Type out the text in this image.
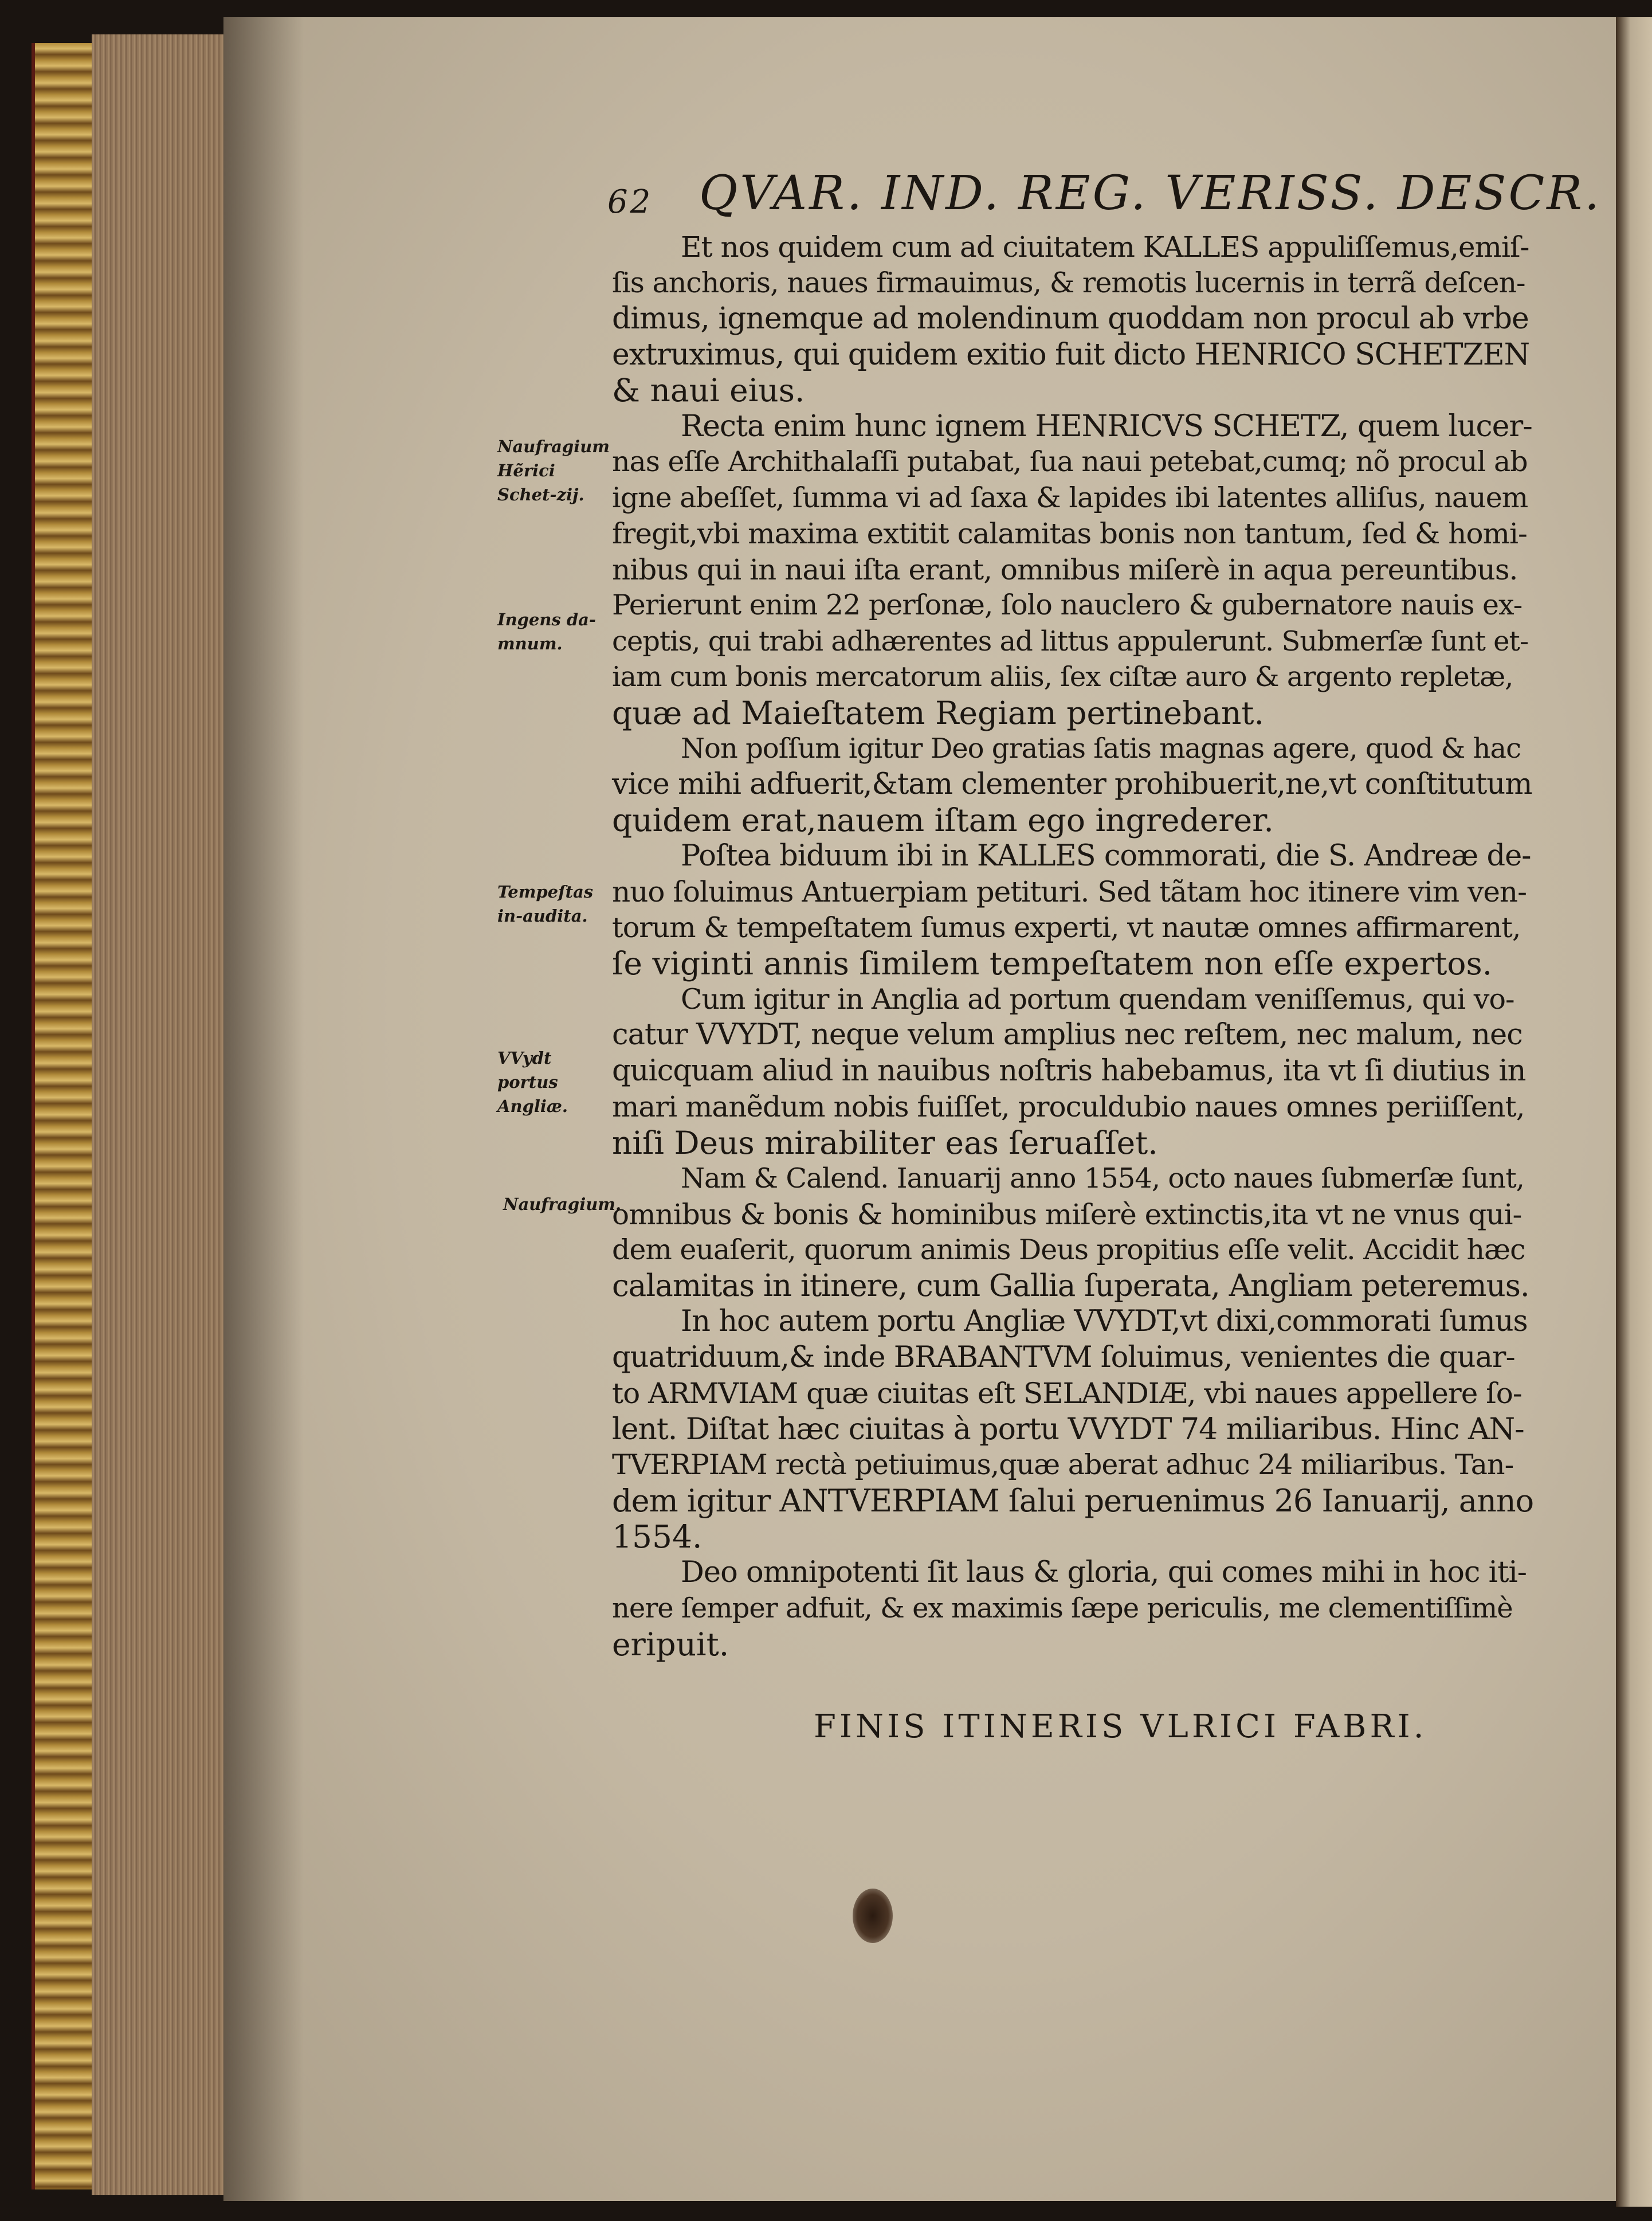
62 QVAR. IND. REG. VERISS. DESCR.
Naufragium Hẽrici Schet-zij.
Ingens da-mnum.
Tempeſtas in-audita.
VVydt portus Angliæ.
Naufragium.
Et nos quidem cum ad ciuitatem KALLES appuliſſemus,emiſ-
ſis anchoris, naues firmauimus, & remotis lucernis in terrã deſcen-
dimus, ignemque ad molendinum quoddam non procul ab vrbe
extruximus, qui quidem exitio fuit dicto HENRICO SCHETZEN
& naui eius.
Recta enim hunc ignem HENRICVS SCHETZ, quem lucer-
nas eſſe Archithalaſſi putabat, ſua naui petebat,cumq; nõ procul ab
igne abeſſet, ſumma vi ad ſaxa & lapides ibi latentes alliſus, nauem
fregit,vbi maxima extitit calamitas bonis non tantum, ſed & homi-
nibus qui in naui iſta erant, omnibus miſerè in aqua pereuntibus.
Perierunt enim 22 perſonæ, ſolo nauclero & gubernatore nauis ex-
ceptis, qui trabi adhærentes ad littus appulerunt. Submerſæ ſunt et-
iam cum bonis mercatorum aliis, ſex ciſtæ auro & argento repletæ,
quæ ad Maieſtatem Regiam pertinebant.
Non poſſum igitur Deo gratias ſatis magnas agere, quod & hac
vice mihi adfuerit,&tam clementer prohibuerit,ne,vt conſtitutum
quidem erat,nauem iſtam ego ingrederer.
Poſtea biduum ibi in KALLES commorati, die S. Andreæ de-
nuo ſoluimus Antuerpiam petituri. Sed tãtam hoc itinere vim ven-
torum & tempeſtatem ſumus experti, vt nautæ omnes affirmarent,
ſe viginti annis ſimilem tempeſtatem non eſſe expertos.
Cum igitur in Anglia ad portum quendam veniſſemus, qui vo-
catur VVYDT, neque velum amplius nec reſtem, nec malum, nec
quicquam aliud in nauibus noſtris habebamus, ita vt ſi diutius in
mari manẽdum nobis fuiſſet, proculdubio naues omnes periiſſent,
niſi Deus mirabiliter eas ſeruaſſet.
Nam & Calend. Ianuarij anno 1554, octo naues ſubmerſæ ſunt,
omnibus & bonis & hominibus miſerè extinctis,ita vt ne vnus qui-
dem euaſerit, quorum animis Deus propitius eſſe velit. Accidit hæc
calamitas in itinere, cum Gallia ſuperata, Angliam peteremus.
In hoc autem portu Angliæ VVYDT,vt dixi,commorati ſumus
quatriduum,& inde BRABANTVM ſoluimus, venientes die quar-
to ARMVIAM quæ ciuitas eſt SELANDIÆ, vbi naues appellere ſo-
lent. Diſtat hæc ciuitas à portu VVYDT 74 miliaribus. Hinc AN-
TVERPIAM rectà petiuimus,quæ aberat adhuc 24 miliaribus. Tan-
dem igitur ANTVERPIAM ſalui peruenimus 26 Ianuarij, anno
1554.
Deo omnipotenti ſit laus & gloria, qui comes mihi in hoc iti-
nere ſemper adfuit, & ex maximis ſæpe periculis, me clementiſſimè
eripuit.
FINIS ITINERIS VLRICI FABRI.
